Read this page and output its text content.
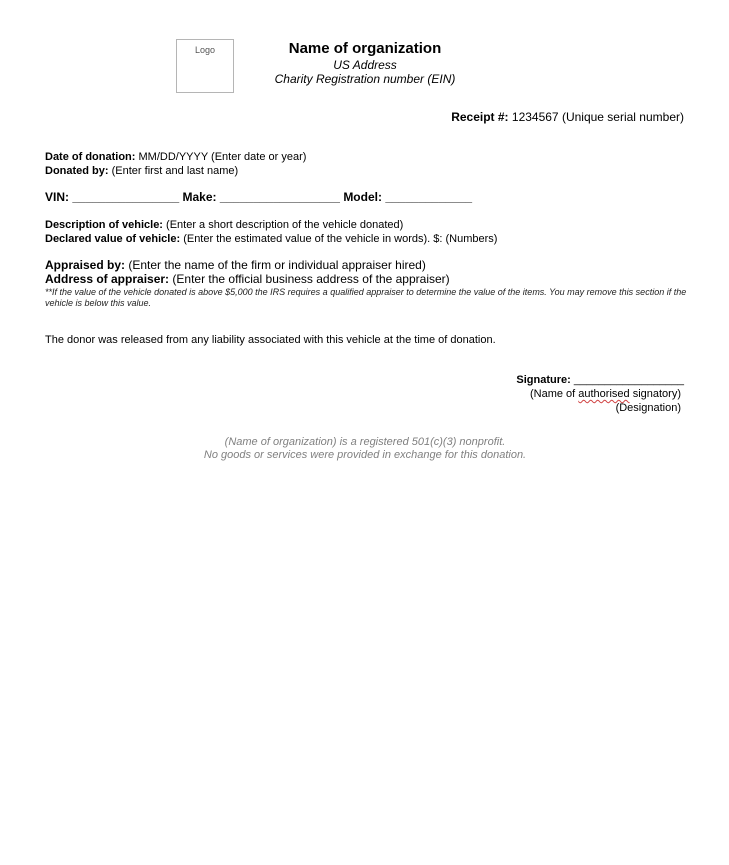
Logo	Name of organization
US Address
Charity Registration number (EIN)
Receipt #: 1234567 (Unique serial number)
Date of donation: MM/DD/YYYY (Enter date or year)
Donated by: (Enter first and last name)
VIN: ________________ Make: __________________ Model: _____________
Description of vehicle: (Enter a short description of the vehicle donated)
Declared value of vehicle: (Enter the estimated value of the vehicle in words). $: (Numbers)
Appraised by: (Enter the name of the firm or individual appraiser hired)
Address of appraiser: (Enter the official business address of the appraiser)
**If the value of the vehicle donated is above $5,000 the IRS requires a qualified appraiser to determine the value of the items. You may remove this section if the vehicle is below this value.
The donor was released from any liability associated with this vehicle at the time of donation.
Signature: __________________
(Name of authorised signatory)
(Designation)
(Name of organization) is a registered 501(c)(3) nonprofit.
No goods or services were provided in exchange for this donation.
